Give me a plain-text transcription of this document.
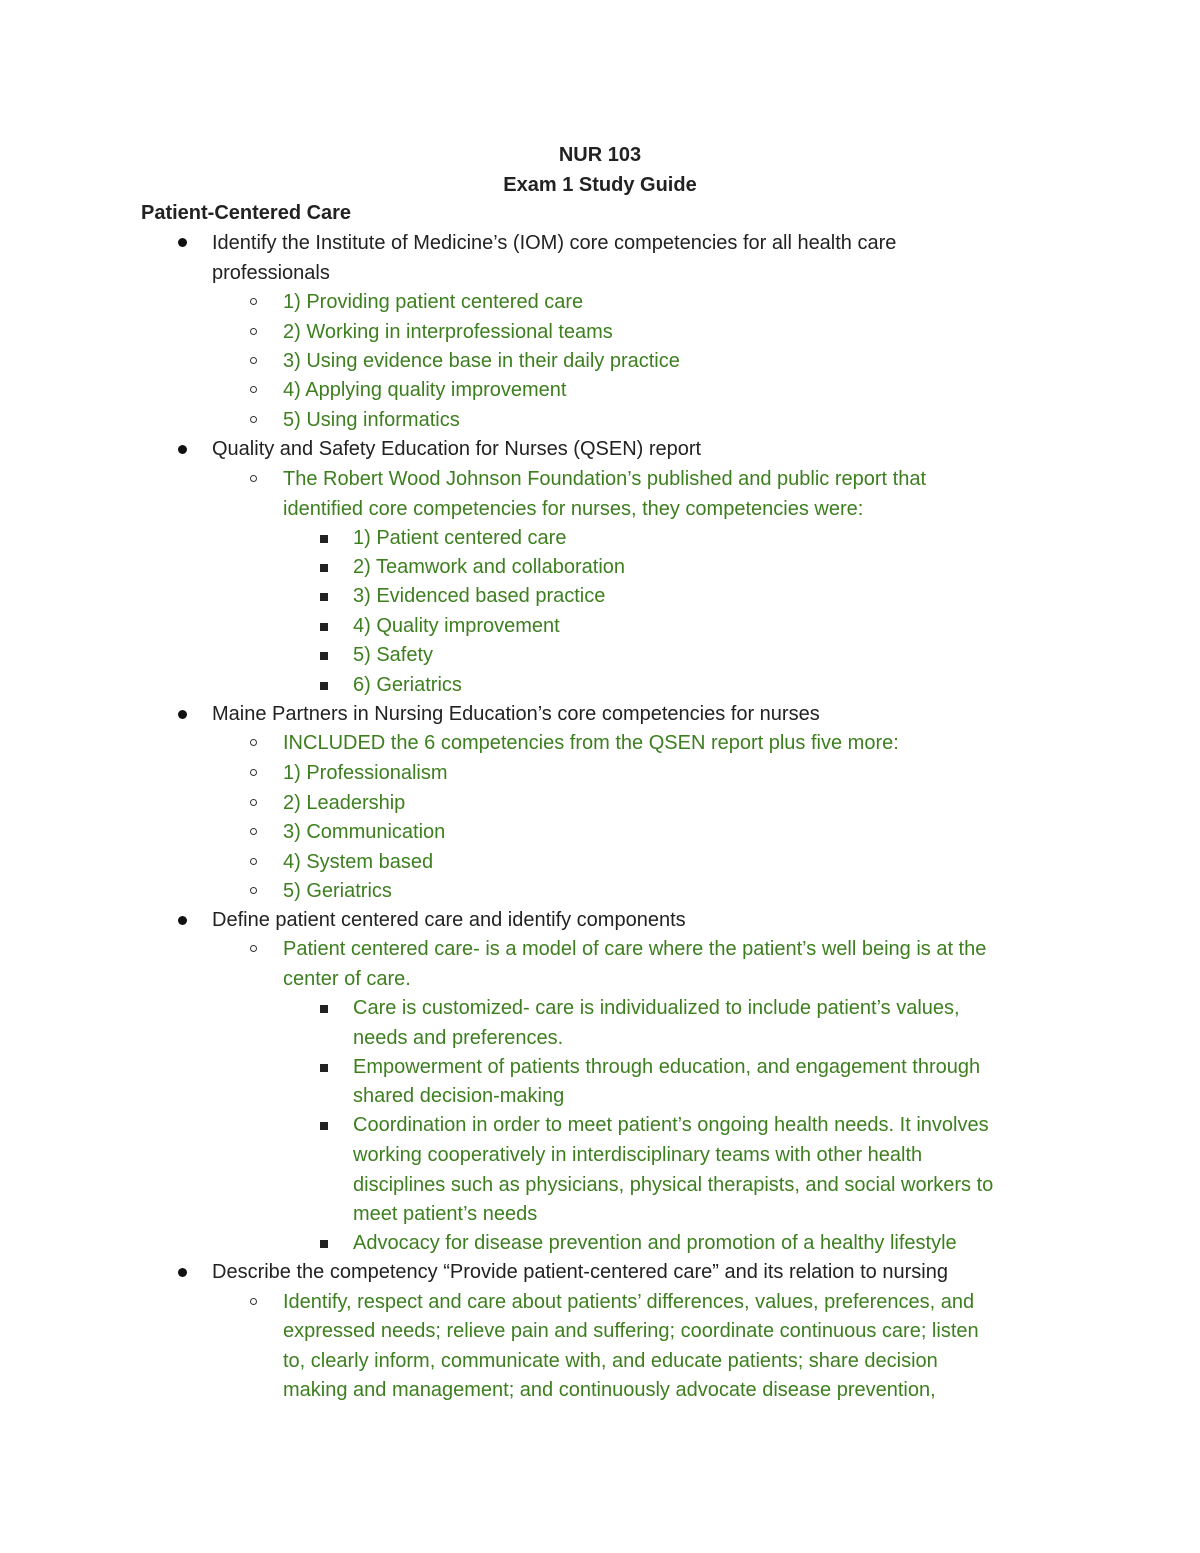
NUR 103
Exam 1 Study Guide
Patient-Centered Care
Identify the Institute of Medicine’s (IOM) core competencies for all health care
professionals
1) Providing patient centered care
2) Working in interprofessional teams
3) Using evidence base in their daily practice
4) Applying quality improvement
5) Using informatics
Quality and Safety Education for Nurses (QSEN) report
The Robert Wood Johnson Foundation’s published and public report that
identified core competencies for nurses, they competencies were:
1) Patient centered care
2) Teamwork and collaboration
3) Evidenced based practice
4) Quality improvement
5) Safety
6) Geriatrics
Maine Partners in Nursing Education’s core competencies for nurses
INCLUDED the 6 competencies from the QSEN report plus five more:
1) Professionalism
2) Leadership
3) Communication
4) System based
5) Geriatrics
Define patient centered care and identify components
Patient centered care- is a model of care where the patient’s well being is at the
center of care.
Care is customized- care is individualized to include patient’s values,
needs and preferences.
Empowerment of patients through education, and engagement through
shared decision-making
Coordination in order to meet patient’s ongoing health needs. It involves
working cooperatively in interdisciplinary teams with other health
disciplines such as physicians, physical therapists, and social workers to
meet patient’s needs
Advocacy for disease prevention and promotion of a healthy lifestyle
Describe the competency “Provide patient-centered care” and its relation to nursing
Identify, respect and care about patients’ differences, values, preferences, and
expressed needs; relieve pain and suffering; coordinate continuous care; listen
to, clearly inform, communicate with, and educate patients; share decision
making and management; and continuously advocate disease prevention,
